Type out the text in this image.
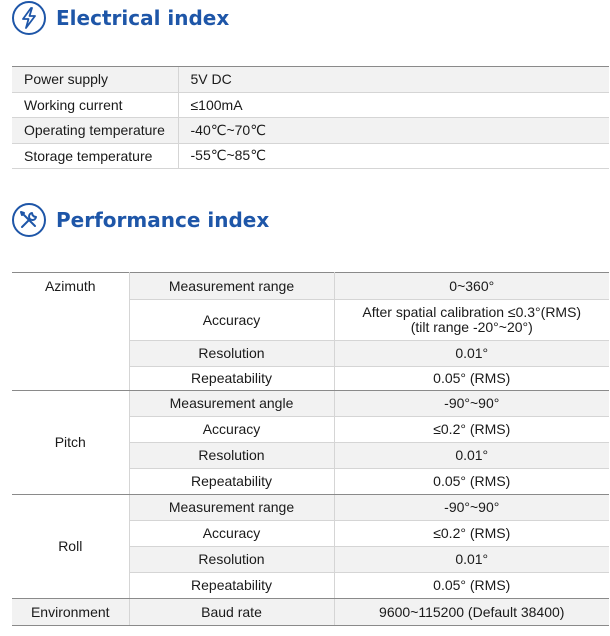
Electrical index
Power supply	5V DC
Working current	≤100mA
Operating temperature	-40℃~70℃
Storage temperature	-55℃~85℃
Performance index
Azimuth	Measurement range	0~360°

	Accuracy	After spatial calibration ≤0.3°(RMS)
(tilt range -20°~20°)

	Resolution	0.01°
	Repeatability	0.05° (RMS)
Pitch	Measurement angle	-90°~90°
	Accuracy	≤0.2° (RMS)
	Resolution	0.01°
	Repeatability	0.05° (RMS)
Roll	Measurement range	-90°~90°
	Accuracy	≤0.2° (RMS)
	Resolution	0.01°
	Repeatability	0.05° (RMS)
Environment	Baud rate	9600~115200 (Default 38400)
